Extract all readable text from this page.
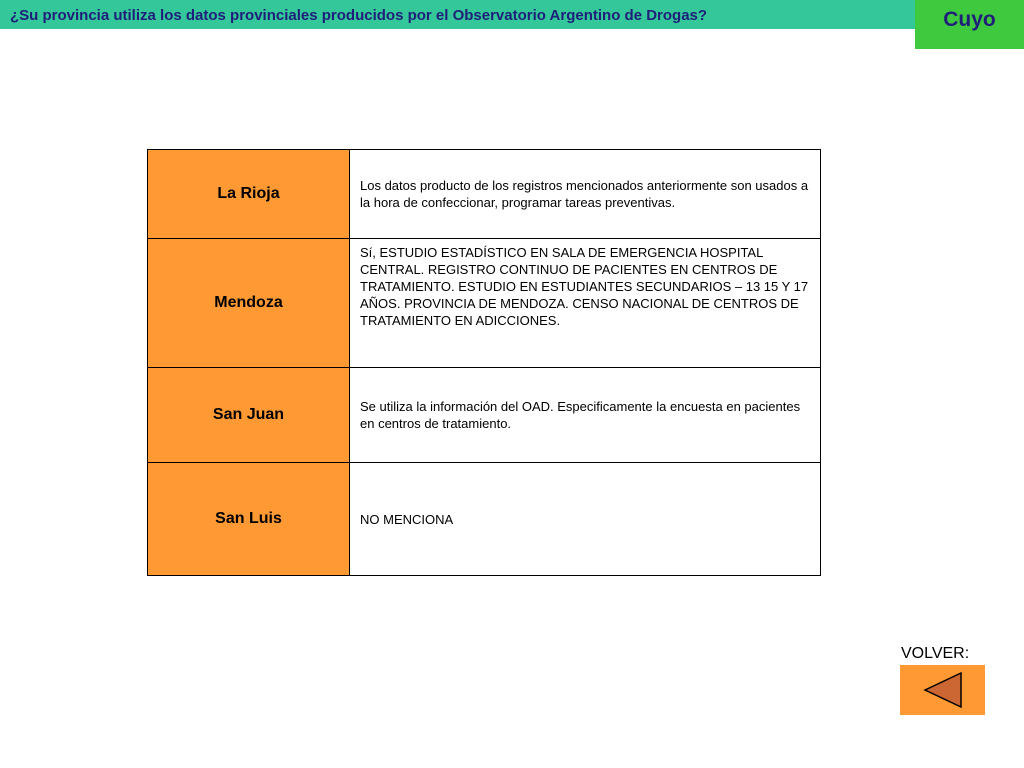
¿Su provincia utiliza los datos provinciales producidos por el Observatorio Argentino de Drogas?	Cuyo
La Rioja	Los datos producto de los registros mencionados anteriormente son usados a la hora de confeccionar, programar tareas preventivas.
Mendoza	Sí, ESTUDIO ESTADÍSTICO EN SALA DE EMERGENCIA HOSPITAL CENTRAL. REGISTRO CONTINUO DE PACIENTES EN CENTROS DE TRATAMIENTO. ESTUDIO EN ESTUDIANTES SECUNDARIOS – 13 15 Y 17 AÑOS. PROVINCIA DE MENDOZA. CENSO NACIONAL DE CENTROS DE TRATAMIENTO EN ADICCIONES.
San Juan	Se utiliza la información del OAD. Especificamente la encuesta en pacientes en centros de tratamiento.
San Luis	NO MENCIONA
VOLVER:
